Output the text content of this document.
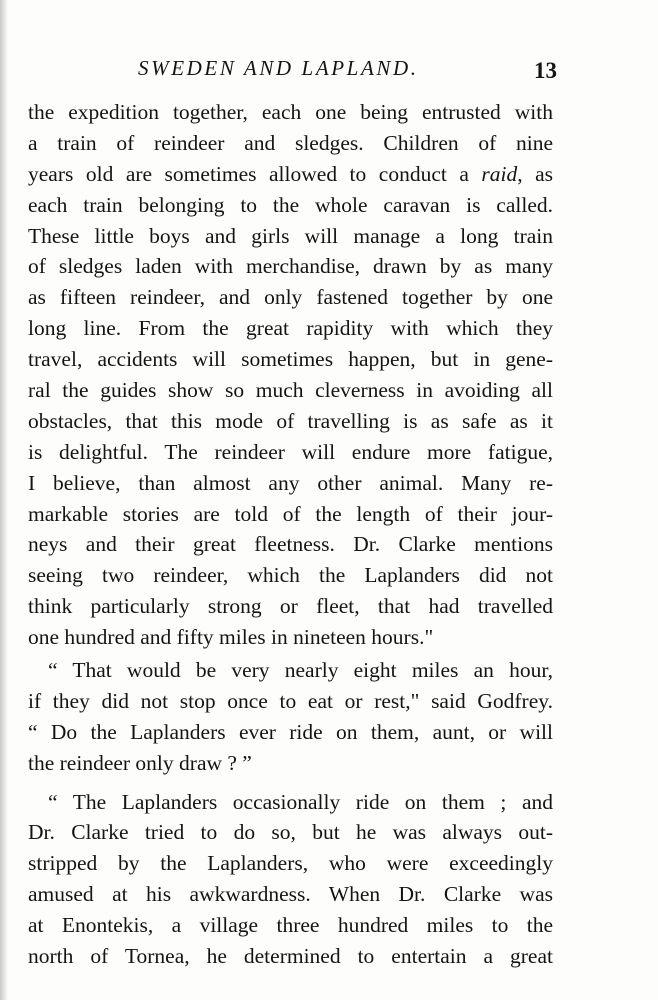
SWEDEN AND LAPLAND.	13
the expedition together, each one being entrusted with
a train of reindeer and sledges. Children of nine
years old are sometimes allowed to conduct a raid, as
each train belonging to the whole caravan is called.
These little boys and girls will manage a long train
of sledges laden with merchandise, drawn by as many
as fifteen reindeer, and only fastened together by one
long line. From the great rapidity with which they
travel, accidents will sometimes happen, but in gene-
ral the guides show so much cleverness in avoiding all
obstacles, that this mode of travelling is as safe as it
is delightful. The reindeer will endure more fatigue,
I believe, than almost any other animal. Many re-
markable stories are told of the length of their jour-
neys and their great fleetness. Dr. Clarke mentions
seeing two reindeer, which the Laplanders did not
think particularly strong or fleet, that had travelled
one hundred and fifty miles in nineteen hours."
“ That would be very nearly eight miles an hour,
if they did not stop once to eat or rest," said Godfrey.
“ Do the Laplanders ever ride on them, aunt, or will
the reindeer only draw ? ”
“ The Laplanders occasionally ride on them ; and
Dr. Clarke tried to do so, but he was always out-
stripped by the Laplanders, who were exceedingly
amused at his awkwardness. When Dr. Clarke was
at Enontekis, a village three hundred miles to the
north of Tornea, he determined to entertain a great
